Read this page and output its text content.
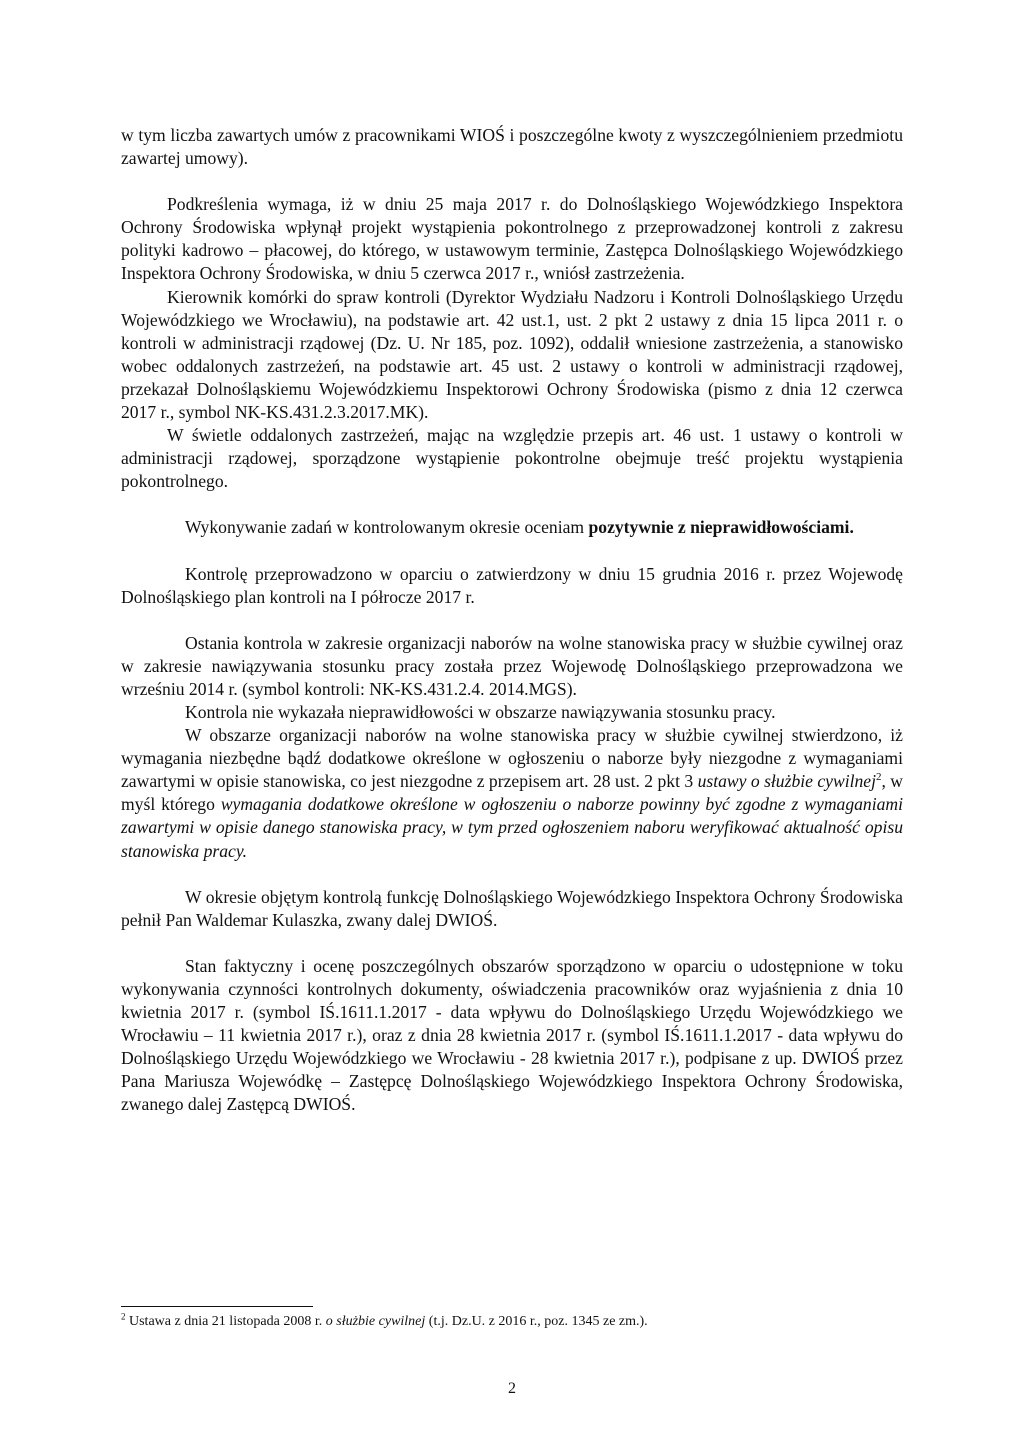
w tym liczba zawartych umów z pracownikami WIOŚ i poszczególne kwoty z wyszczególnieniem przedmiotu zawartej umowy).

Podkreślenia wymaga, iż w dniu 25 maja 2017 r. do Dolnośląskiego Wojewódzkiego Inspektora Ochrony Środowiska wpłynął projekt wystąpienia pokontrolnego z przeprowadzonej kontroli z zakresu polityki kadrowo – płacowej, do którego, w ustawowym terminie, Zastępca Dolnośląskiego Wojewódzkiego Inspektora Ochrony Środowiska, w dniu 5 czerwca 2017 r., wniósł zastrzeżenia.

Kierownik komórki do spraw kontroli (Dyrektor Wydziału Nadzoru i Kontroli Dolnośląskiego Urzędu Wojewódzkiego we Wrocławiu), na podstawie art. 42 ust.1, ust. 2 pkt 2 ustawy z dnia 15 lipca 2011 r. o kontroli w administracji rządowej (Dz. U. Nr 185, poz. 1092), oddalił wniesione zastrzeżenia, a stanowisko wobec oddalonych zastrzeżeń, na podstawie art. 45 ust. 2 ustawy o kontroli w administracji rządowej, przekazał Dolnośląskiemu Wojewódzkiemu Inspektorowi Ochrony Środowiska (pismo z dnia 12 czerwca 2017 r., symbol NK-KS.431.2.3.2017.MK).

W świetle oddalonych zastrzeżeń, mając na względzie przepis art. 46 ust. 1 ustawy o kontroli w administracji rządowej, sporządzone wystąpienie pokontrolne obejmuje treść projektu wystąpienia pokontrolnego.

Wykonywanie zadań w kontrolowanym okresie oceniam pozytywnie z nieprawidłowościami.

Kontrolę przeprowadzono w oparciu o zatwierdzony w dniu 15 grudnia 2016 r. przez Wojewodę Dolnośląskiego plan kontroli na I półrocze 2017 r.

Ostania kontrola w zakresie organizacji naborów na wolne stanowiska pracy w służbie cywilnej oraz w zakresie nawiązywania stosunku pracy została przez Wojewodę Dolnośląskiego przeprowadzona we wrześniu 2014 r. (symbol kontroli: NK-KS.431.2.4. 2014.MGS).

Kontrola nie wykazała nieprawidłowości w obszarze nawiązywania stosunku pracy.

W obszarze organizacji naborów na wolne stanowiska pracy w służbie cywilnej stwierdzono, iż wymagania niezbędne bądź dodatkowe określone w ogłoszeniu o naborze były niezgodne z wymaganiami zawartymi w opisie stanowiska, co jest niezgodne z przepisem art. 28 ust. 2 pkt 3 ustawy o służbie cywilnej$^2$, w myśl którego wymagania dodatkowe określone w ogłoszeniu o naborze powinny być zgodne z wymaganiami zawartymi w opisie danego stanowiska pracy, w tym przed ogłoszeniem naboru weryfikować aktualność opisu stanowiska pracy.

W okresie objętym kontrolą funkcję Dolnośląskiego Wojewódzkiego Inspektora Ochrony Środowiska pełnił Pan Waldemar Kulaszka, zwany dalej DWIOŚ.

Stan faktyczny i ocenę poszczególnych obszarów sporządzono w oparciu o udostępnione w toku wykonywania czynności kontrolnych dokumenty, oświadczenia pracowników oraz wyjaśnienia z dnia 10 kwietnia 2017 r. (symbol IŚ.1611.1.2017 - data wpływu do Dolnośląskiego Urzędu Wojewódzkiego we Wrocławiu – 11 kwietnia 2017 r.), oraz z dnia 28 kwietnia 2017 r. (symbol IŚ.1611.1.2017 - data wpływu do Dolnośląskiego Urzędu Wojewódzkiego we Wrocławiu - 28 kwietnia 2017 r.), podpisane z up. DWIOŚ przez Pana Mariusza Wojewódkę – Zastępcę Dolnośląskiego Wojewódzkiego Inspektora Ochrony Środowiska, zwanego dalej Zastępcą DWIOŚ.

$^2$ Ustawa z dnia 21 listopada 2008 r. o służbie cywilnej (t.j. Dz.U. z 2016 r., poz. 1345 ze zm.).

2
